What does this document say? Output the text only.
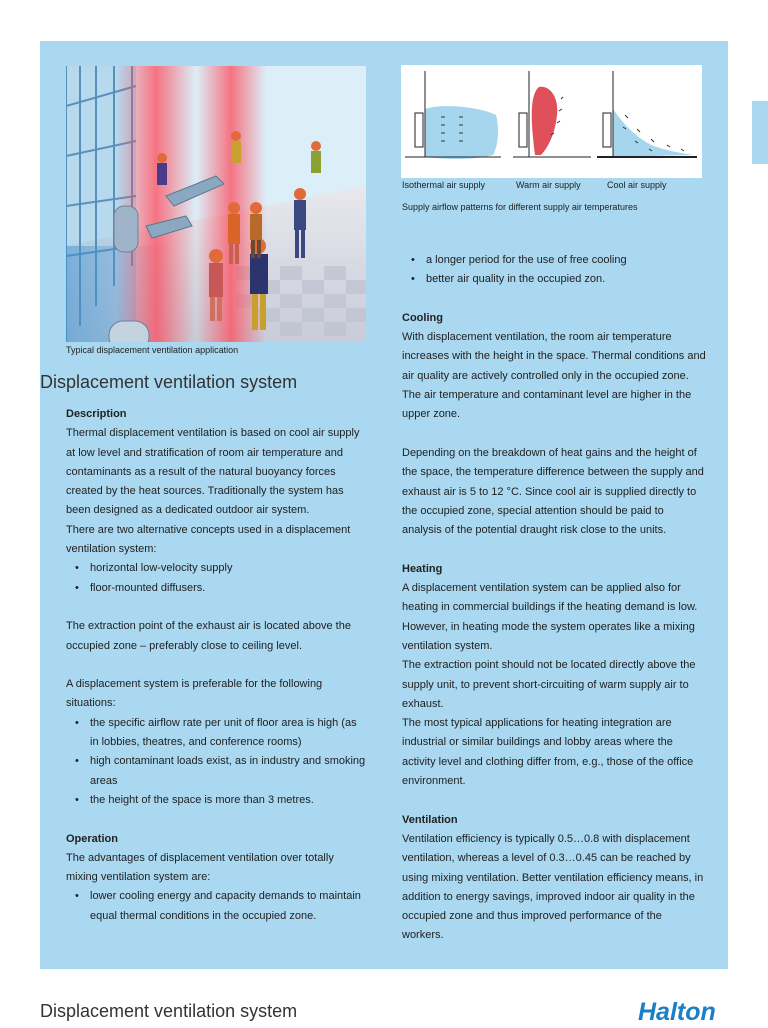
Typical displacement ventilation application
Displacement ventilation system
Isothermal air supply	Warm air supply	Cool air supply
Supply airflow patterns for different supply air temperatures
Description

Thermal displacement ventilation is based on cool air supply at low level and stratification of room air temperature and contaminants as a result of the natural buoyancy forces created by the heat sources. Traditionally the system has been designed as a dedicated outdoor air system.

There are two alternative concepts used in a displacement ventilation system:

• horizontal low-velocity supply
• floor-mounted diffusers.

The extraction point of the exhaust air is located above the occupied zone – preferably close to ceiling level.

A displacement system is preferable for the following situations:

• the specific airflow rate per unit of floor area is high (as in lobbies, theatres, and conference rooms)
• high contaminant loads exist, as in industry and smoking areas
• the height of the space is more than 3 metres.
Operation

The advantages of displacement ventilation over totally mixing ventilation system are:

• lower cooling energy and capacity demands to maintain equal thermal conditions in the occupied zone.
• a longer period for the use of free cooling
• better air quality in the occupied zon.
Cooling

With displacement ventilation, the room air temperature increases with the height in the space. Thermal conditions and air quality are actively controlled only in the occupied zone. The air temperature and contaminant level are higher in the upper zone.

Depending on the breakdown of heat gains and the height of the space, the temperature difference between the supply and exhaust air is 5 to 12 °C. Since cool air is supplied directly to the occupied zone, special attention should be paid to analysis of the potential draught risk close to the units.

Heating

A displacement ventilation system can be applied also for heating in commercial buildings if the heating demand is low. However, in heating mode the system operates like a mixing ventilation system.

The extraction point should not be located directly above the supply unit, to prevent short-circuiting of warm supply air to exhaust.

The most typical applications for heating integration are industrial or similar buildings and lobby areas where the activity level and clothing differ from, e.g., those of the office environment.

Ventilation

Ventilation efficiency is typically 0.5…0.8 with displacement ventilation, whereas a level of 0.3…0.45 can be reached by using mixing ventilation. Better ventilation efficiency means, in addition to energy savings, improved indoor air quality in the occupied zone and thus improved performance of the workers.

Displacement ventilation system	Halton
